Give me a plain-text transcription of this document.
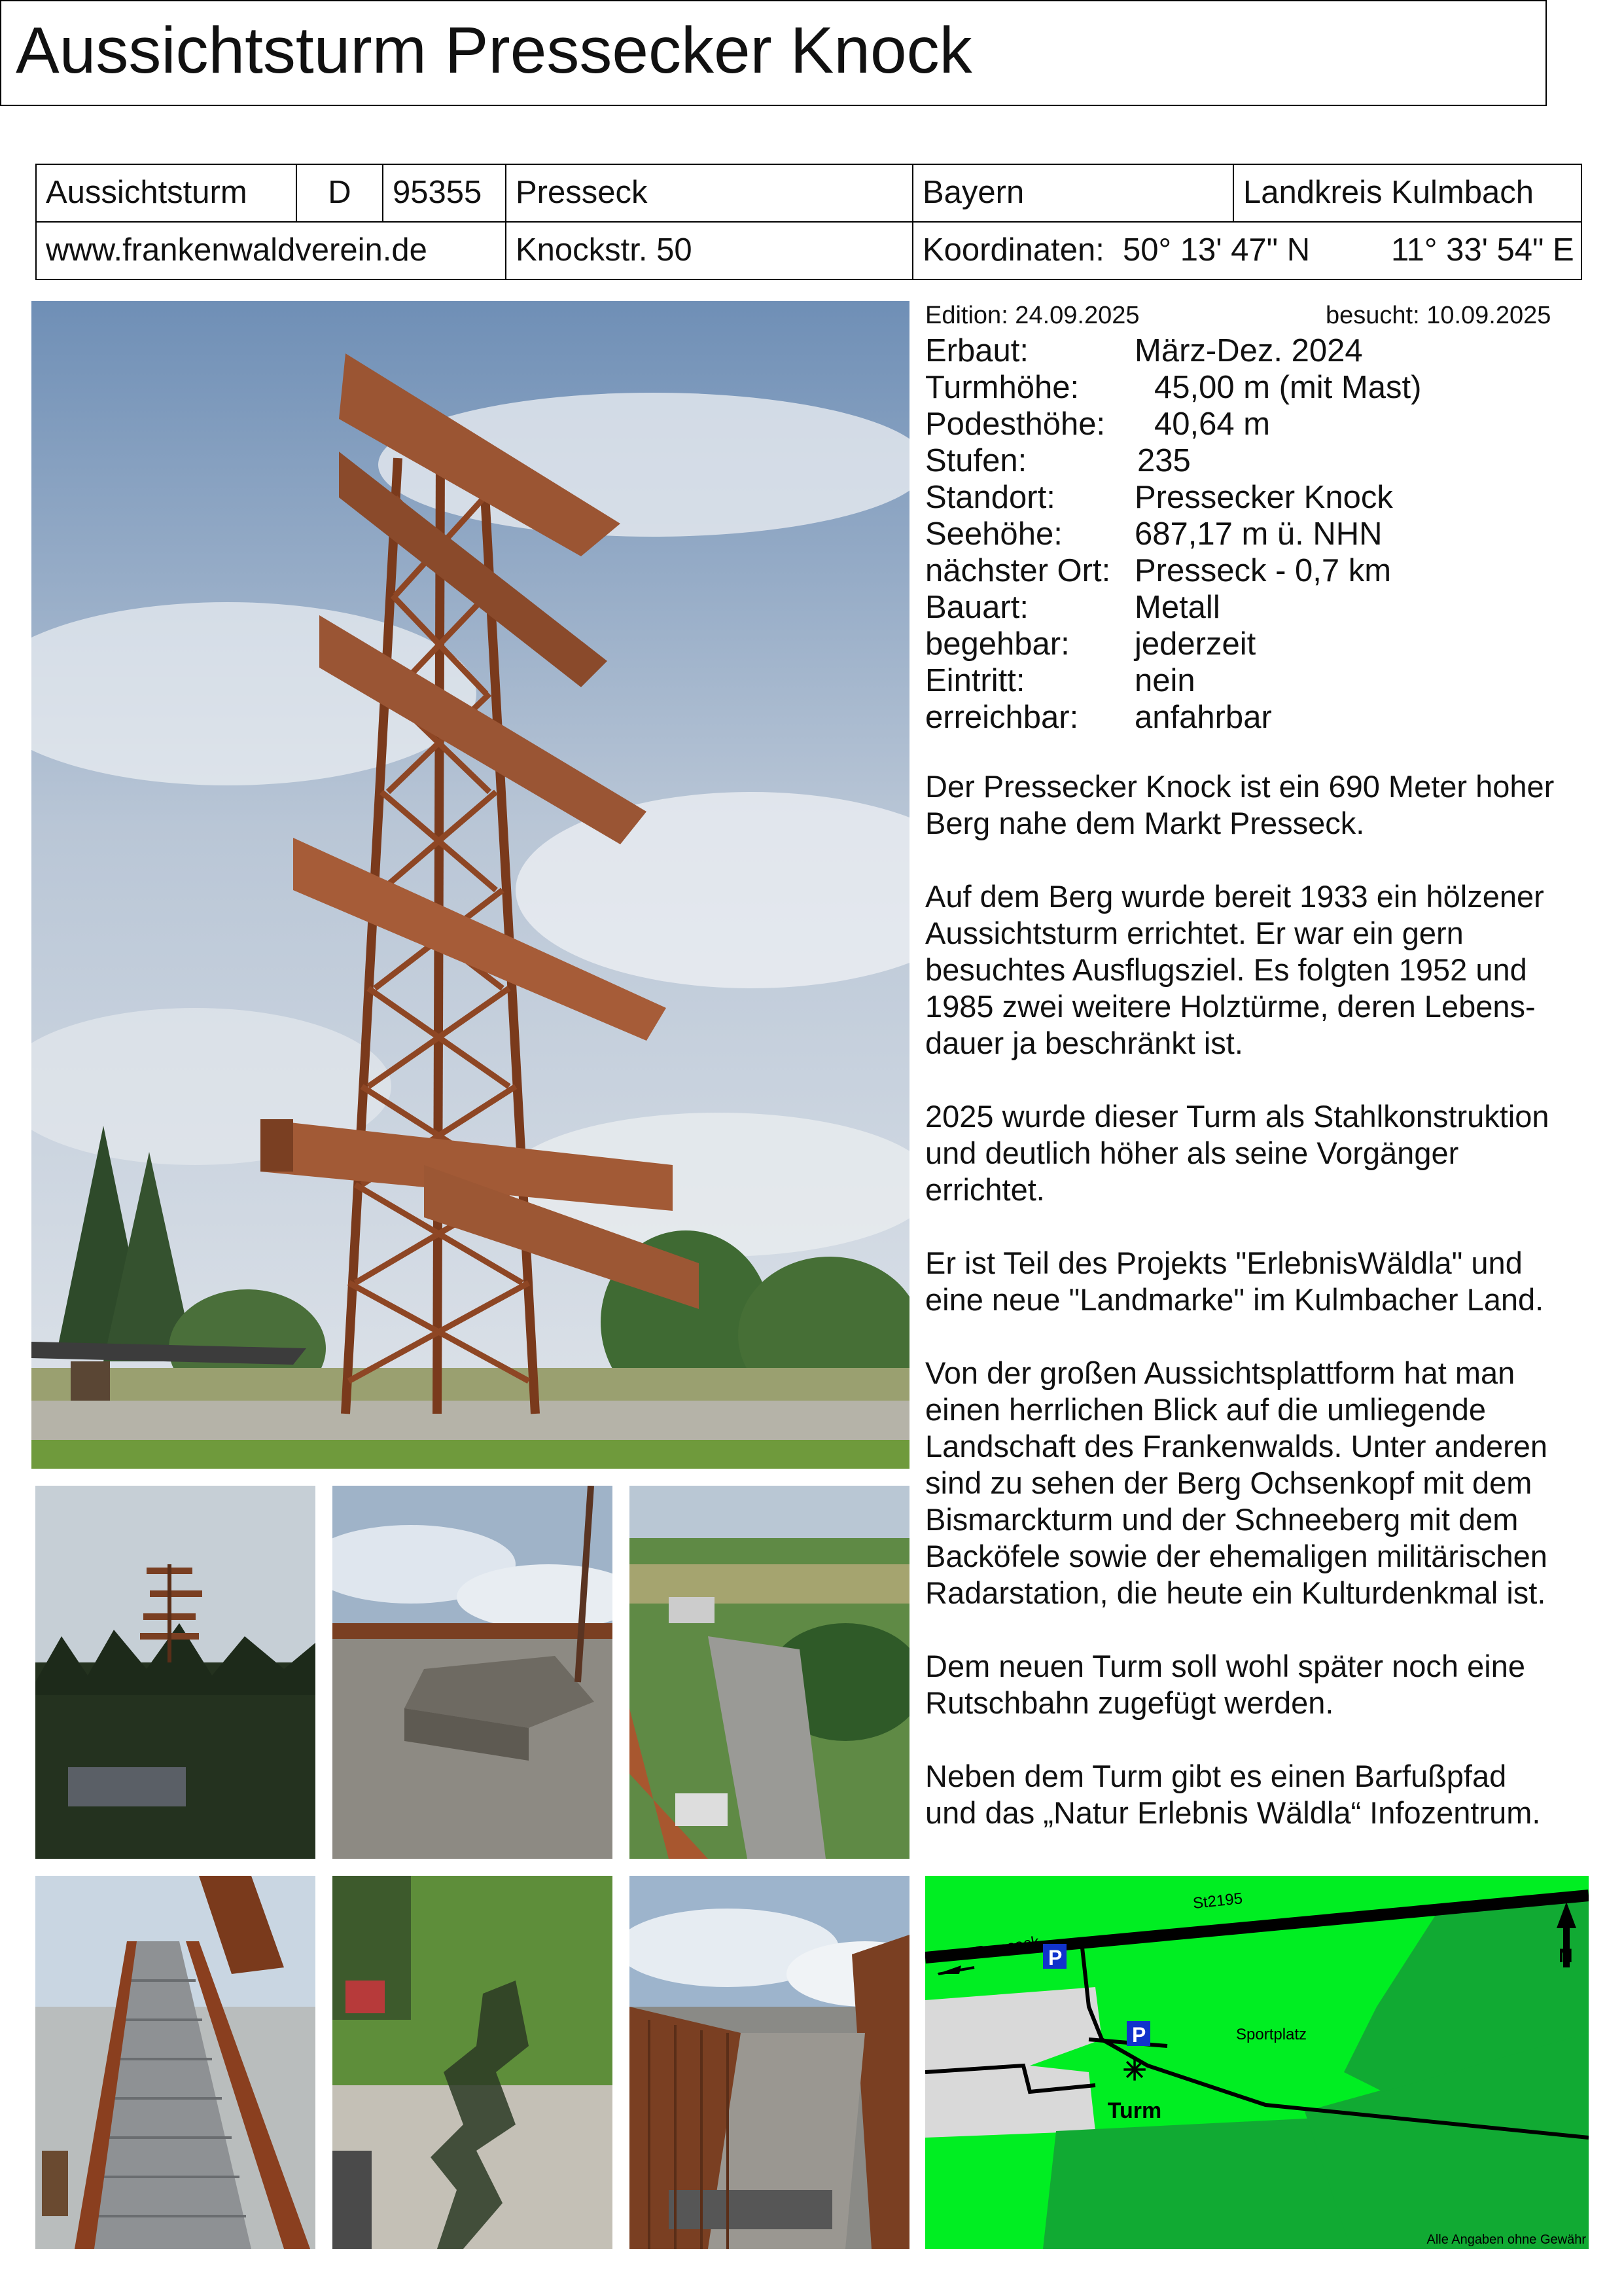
Aussichtsturm Pressecker Knock
Aussichtsturm	D	95355	Presseck	Bayern	Landkreis Kulmbach
www.frankenwaldverein.de	Knockstr. 50	Koordinaten: 50° 13' 47" N	11° 33' 54" E
Edition: 24.09.2025	besucht: 10.09.2025
Erbaut:	März-Dez. 2024
Turmhöhe: 45,00 m (mit Mast)
Podesthöhe: 40,64 m
Stufen:	235
Standort: Pressecker Knock
Seehöhe: 687,17 m ü. NHN
nächster Ort: Presseck - 0,7 km
Bauart:	Metall
begehbar: jederzeit
Eintritt:	nein
erreichbar: anfahrbar
Der Pressecker Knock ist ein 690 Meter hoher
Berg nahe dem Markt Presseck.
Auf dem Berg wurde bereit 1933 ein hölzener
Aussichtsturm errichtet. Er war ein gern
besuchtes Ausflugsziel. Es folgten 1952 und
1985 zwei weitere Holztürme, deren Lebens-
dauer ja beschränkt ist.
2025 wurde dieser Turm als Stahlkonstruktion
und deutlich höher als seine Vorgänger
errichtet.
Er ist Teil des Projekts "ErlebnisWäldla" und
eine neue "Landmarke" im Kulmbacher Land.
Von der großen Aussichtsplattform hat man
einen herrlichen Blick auf die umliegende
Landschaft des Frankenwalds. Unter anderen
sind zu sehen der Berg Ochsenkopf mit dem
Bismarckturm und der Schneeberg mit dem
Backöfele sowie der ehemaligen militärischen
Radarstation, die heute ein Kulturdenkmal ist.
Dem neuen Turm soll wohl später noch eine
Rutschbahn zugefügt werden.
Neben dem Turm gibt es einen Barfußpfad
und das „Natur Erlebnis Wäldla“ Infozentrum.
Presseck
St2195
P
P	Sportplatz
✳
Turm
N
Alle Angaben ohne Gewähr
